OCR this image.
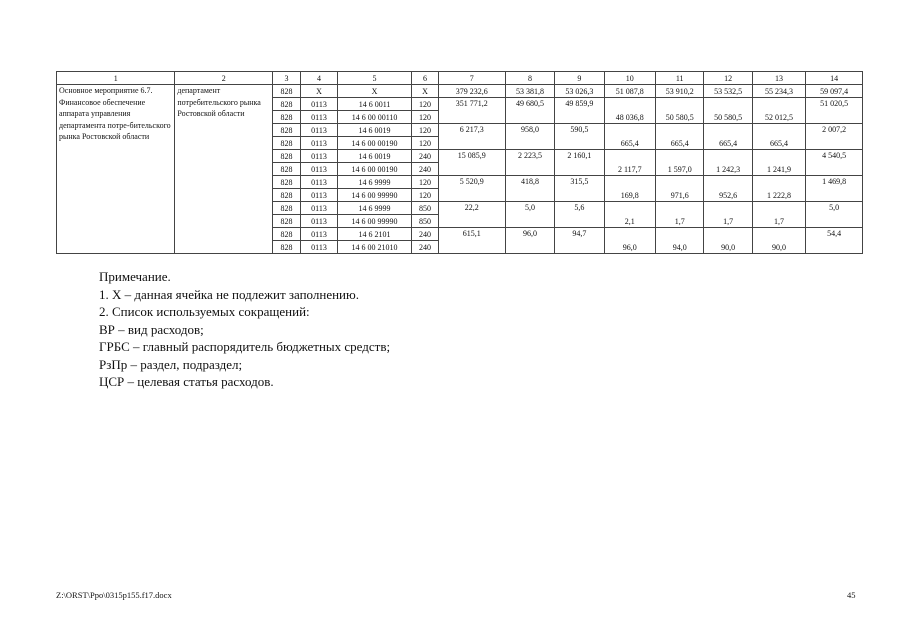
1	2	3	4	5	6	7	8	9	10	11	12	13	14
Основное мероприятие 6.7. Финансовое обеспечение аппарата управления департамента потре-бительского рынка Ростовской области	департамент потребительского рынка Ростовской области	828	X	X	X	379 232,6	53 381,8	53 026,3	51 087,8	53 910,2	53 532,5	55 234,3	59 097,4
		828	0113	14 6 0011	120	351 771,2	49 680,5	49 859,9	48 036,8	50 580,5	50 580,5	52 012,5	51 020,5
		828	0113	14 6 00 00110	120								
		828	0113	14 6 0019	120	6 217,3	958,0	590,5	665,4	665,4	665,4	665,4	2 007,2
		828	0113	14 6 00 00190	120								
		828	0113	14 6 0019	240	15 085,9	2 223,5	2 160,1	2 117,7	1 597,0	1 242,3	1 241,9	4 540,5
		828	0113	14 6 00 00190	240								
		828	0113	14 6 9999	120	5 520,9	418,8	315,5	169,8	971,6	952,6	1 222,8	1 469,8
		828	0113	14 6 00 99990	120								
		828	0113	14 6 9999	850	22,2	5,0	5,6	2,1	1,7	1,7	1,7	5,0
		828	0113	14 6 00 99990	850								
		828	0113	14 6 2101	240	615,1	96,0	94,7	96,0	94,0	90,0	90,0	54,4
		828	0113	14 6 00 21010	240								
Примечание.
1. X – данная ячейка не подлежит заполнению.
2. Список используемых сокращений:
ВР – вид расходов;
ГРБС – главный распорядитель бюджетных средств;
РзПр – раздел, подраздел;
ЦСР – целевая статья расходов.
Z:\ORST\Ppo\0315p155.f17.docx	45
